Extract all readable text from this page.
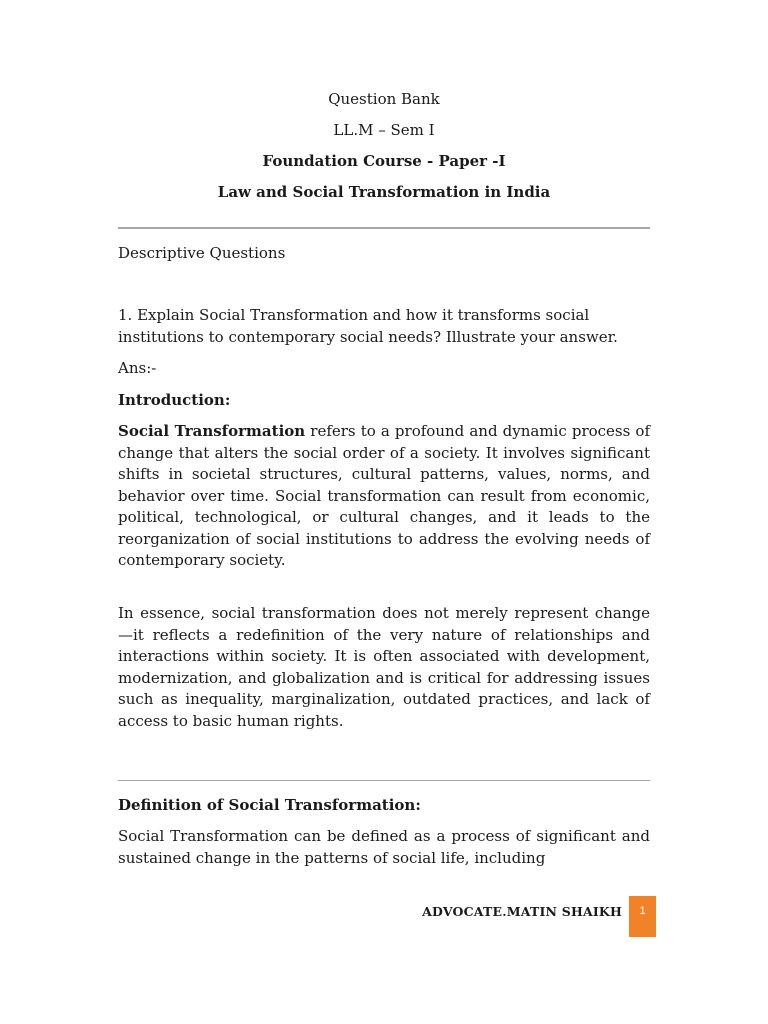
Question Bank
LL.M – Sem I
Foundation Course - Paper -I
Law and Social Transformation in India

Descriptive Questions

1. Explain Social Transformation and how it transforms social institutions to contemporary social needs? Illustrate your answer.

Ans:-

Introduction:

Social Transformation refers to a profound and dynamic process of change that alters the social order of a society. It involves significant shifts in societal structures, cultural patterns, values, norms, and behavior over time. Social transformation can result from economic, political, technological, or cultural changes, and it leads to the reorganization of social institutions to address the evolving needs of contemporary society.

In essence, social transformation does not merely represent change—it reflects a redefinition of the very nature of relationships and interactions within society. It is often associated with development, modernization, and globalization and is critical for addressing issues such as inequality, marginalization, outdated practices, and lack of access to basic human rights.

Definition of Social Transformation:

Social Transformation can be defined as a process of significant and sustained change in the patterns of social life, including

ADVOCATE.MATIN SHAIKH	1
